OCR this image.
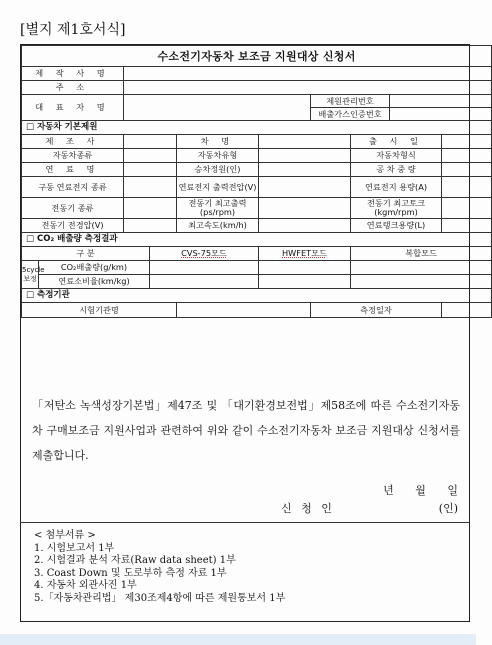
[별지 제1호서식]
수소전기자동차 보조금 지원대상 신청서									
제 작 사 명									
주 소									
대 표 자 명						제원관리번호			
						배출가스인증번호			
□ 자동차 기본제원									
제 조 사				차 명			출 시 일		
자동차종류				자동차유형			자동차형식		
연 료 명				승차정원(인)			공 차 중 량		
구동 연료전지 종류				연료전지 출력전압(V)			연료전지 용량(A)		
전동기 종류				전동기 최고출력(ps/rpm)			전동기 최고토크(kgm/rpm)		
전동기 전경압(V)				최고속도(km/h)			연료탱크용량(L)		
□ CO₂ 배출량 측정결과									
구 분			CVS-75모드		HWFET모드		복합모드		
5cycle 보정	CO₂배출량(g/km)								
	연료소비율(km/kg)								
□ 측정기관									
시험기관명						측정일자			
「저탄소 녹색성장기본법」제47조 및 「대기환경보전법」제58조에 따른 수소전기자동차 구매보조금 지원사업과 관련하여 위와 같이 수소전기자동차 보조금 지원대상 신청서를 제출합니다.
년 월 일
신 청 인	(인)
< 첨부서류 >
1. 시험보고서 1부
2. 시험결과 분석 자료(Raw data sheet) 1부
3. Coast Down 및 도로부하 측정 자료 1부
4. 자동차 외관사진 1부
5.「자동차관리법」 제30조제4항에 따른 제원통보서 1부
